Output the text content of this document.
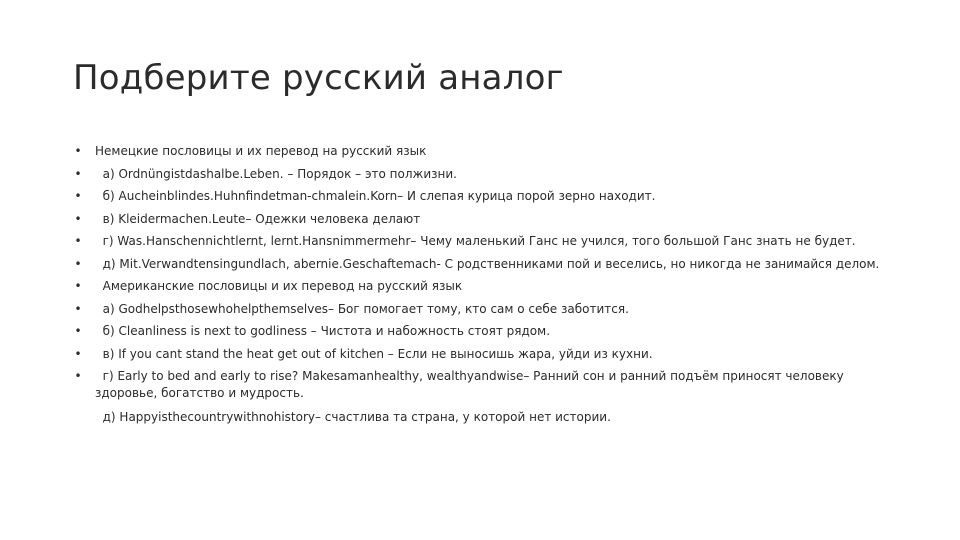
Подберите русский аналог
• Немецкие пословицы и их перевод на русский язык
• а) Ordnüngistdashalbe.Leben. – Порядок – это полжизни.
• б) Aucheinblindes.Huhnfindetman-chmalein.Korn– И слепая курица порой зерно находит.
• в) Kleidermachen.Leute– Одежки человека делают
• г) Was.Hanschennichtlernt, lernt.Hansnimmermehr– Чему маленький Ганс не учился, того большой Ганс знать не будет.
• д) Mit.Verwandtensingundlach, abernie.Geschaftemach- С родственниками пой и веселись, но никогда не занимайся делом.
• Американские пословицы и их перевод на русский язык
• а) Godhelpsthosewhohelpthemselves– Бог помогает тому, кто сам о себе заботится.
• б) Cleanliness is next to godliness – Чистота и набожность стоят рядом.
• в) If you cant stand the heat get out of kitchen – Если не выносишь жара, уйди из кухни.
• г) Early to bed and early to rise? Makesamanhealthy, wealthyandwise– Ранний сон и ранний подъём приносят человеку здоровье, богатство и мудрость.
д) Happyisthecountrywithnohistory– счастлива та страна, у которой нет истории.
